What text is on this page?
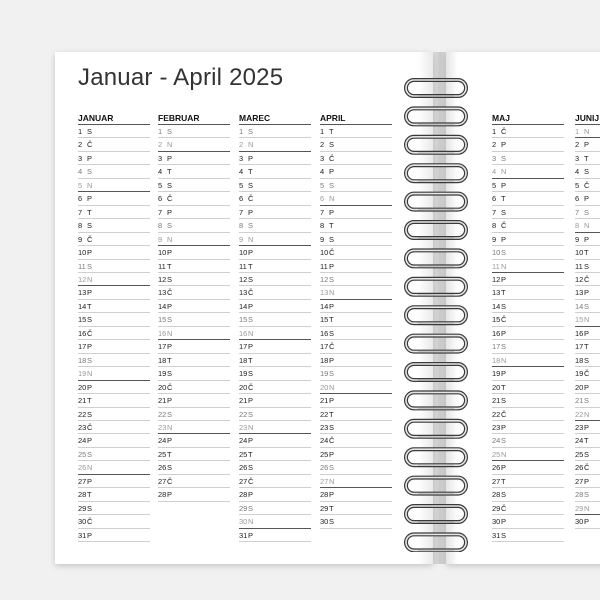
Januar - April 2025
JANUAR
1 S
2 Č
3 P
4 S
5 N
6 P
7 T
8 S
9 Č
10P
11S
12N
13P
14T
15S
16Č
17P
18S
19N
20P
21T
22S
23Č
24P
25S
26N
27P
28T
29S
30Č
31P
FEBRUAR
1 S
2 N
3 P
4 T
5 S
6 Č
7 P
8 S
9 N
10P
11T
12S
13Č
14P
15S
16N
17P
18T
19S
20Č
21P
22S
23N
24P
25T
26S
27Č
28P
MAREC
1 S
2 N
3 P
4 T
5 S
6 Č
7 P
8 S
9 N
10P
11T
12S
13Č
14P
15S
16N
17P
18T
19S
20Č
21P
22S
23N
24P
25T
26S
27Č
28P
29S
30N
31P
APRIL
1 T
2 S
3 Č
4 P
5 S
6 N
7 P
8 T
9 S
10Č
11P
12S
13N
14P
15T
16S
17Č
18P
19S
20N
21P
22T
23S
24Č
25P
26S
27N
28P
29T
30S
MAJ
1 Č
2 P
3 S
4 N
5 P
6 T
7 S
8 Č
9 P
10S
11N
12P
13T
14S
15Č
16P
17S
18N
19P
20T
21S
22Č
23P
24S
25N
26P
27T
28S
29Č
30P
31S
JUNIJ
1 N
2 P
3 T
4 S
5 Č
6 P
7 S
8 N
9 P
10T
11S
12Č
13P
14S
15N
16P
17T
18S
19Č
20P
21S
22N
23P
24T
25S
26Č
27P
28S
29N
30P
